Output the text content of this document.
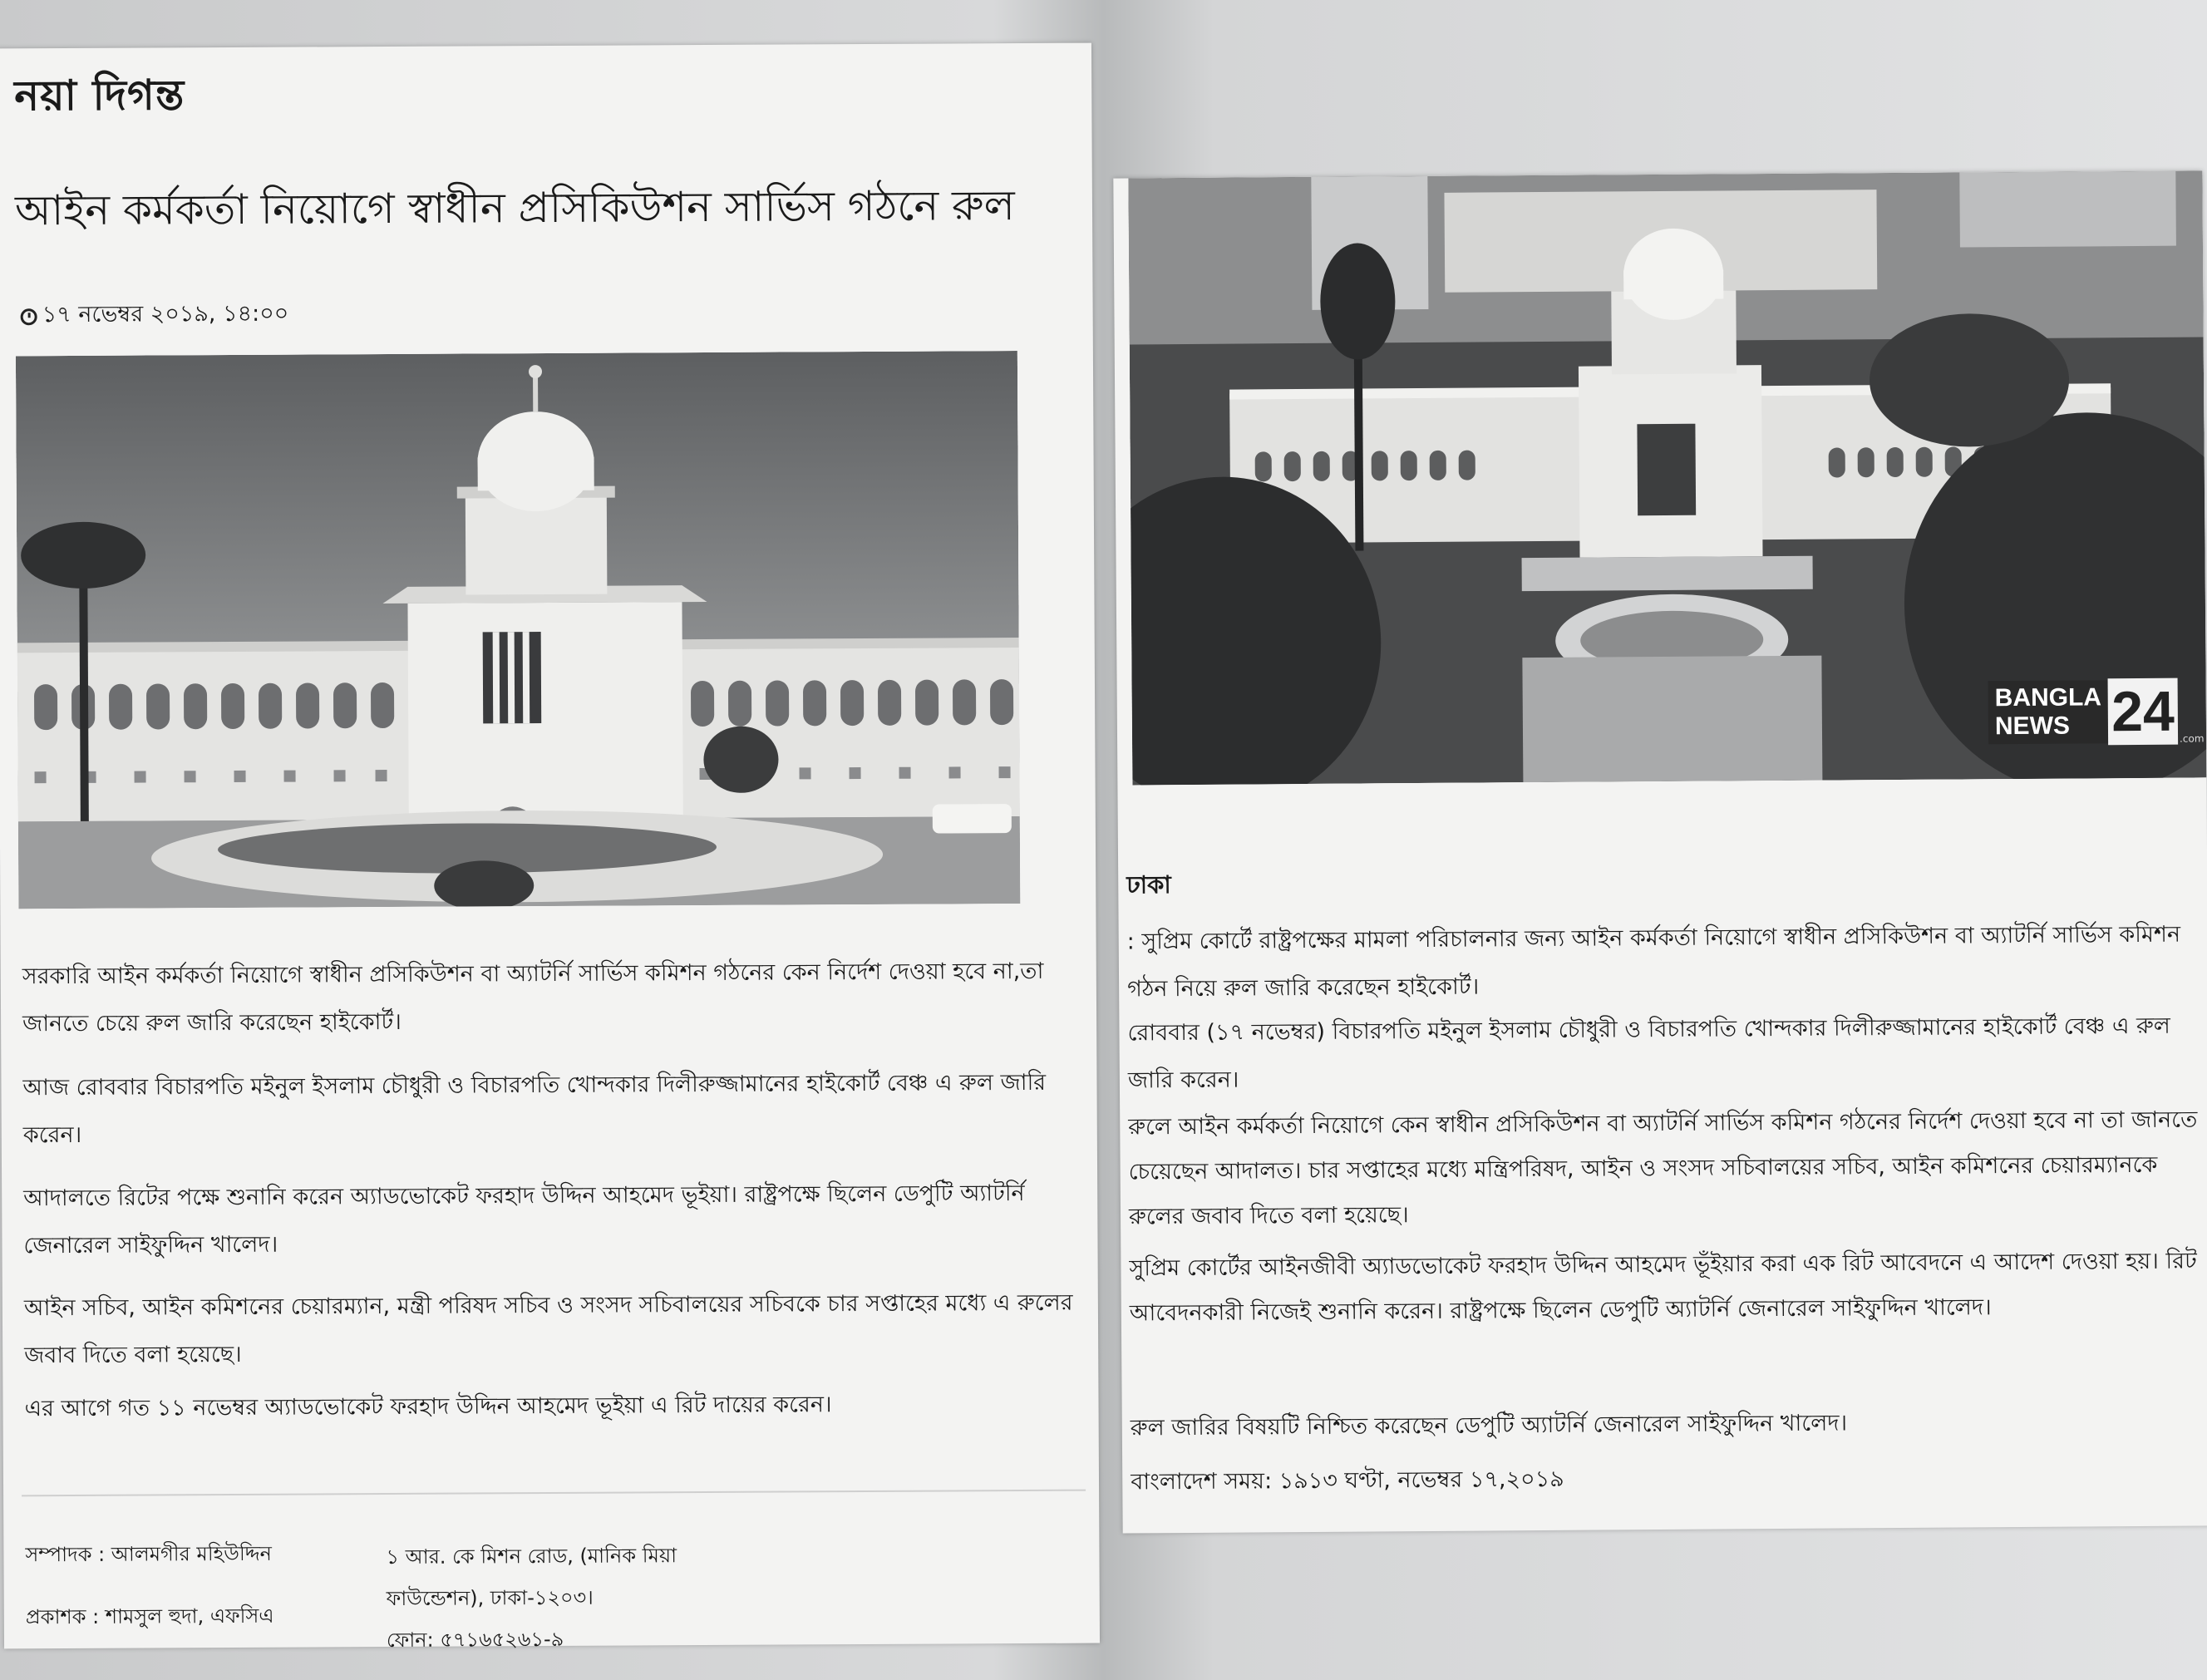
নয়া দিগন্ত
আইন কর্মকর্তা নিয়োগে স্বাধীন প্রসিকিউশন সার্ভিস গঠনে রুল
১৭ নভেম্বর ২০১৯, ১৪:০০
সরকারি আইন কর্মকর্তা নিয়োগে স্বাধীন প্রসিকিউশন বা অ্যাটর্নি সার্ভিস কমিশন গঠনের কেন নির্দেশ দেওয়া হবে না,তা জানতে চেয়ে রুল জারি করেছেন হাইকোর্ট।
আজ রোববার বিচারপতি মইনুল ইসলাম চৌধুরী ও বিচারপতি খোন্দকার দিলীরুজ্জামানের হাইকোর্ট বেঞ্চ এ রুল জারি করেন।
আদালতে রিটের পক্ষে শুনানি করেন অ্যাডভোকেট ফরহাদ উদ্দিন আহমেদ ভূইয়া। রাষ্ট্রপক্ষে ছিলেন ডেপুটি অ্যাটর্নি জেনারেল সাইফুদ্দিন খালেদ।
আইন সচিব, আইন কমিশনের চেয়ারম্যান, মন্ত্রী পরিষদ সচিব ও সংসদ সচিবালয়ের সচিবকে চার সপ্তাহের মধ্যে এ রুলের জবাব দিতে বলা হয়েছে।
এর আগে গত ১১ নভেম্বর অ্যাডভোকেট ফরহাদ উদ্দিন আহমেদ ভূইয়া এ রিট দায়ের করেন।
সম্পাদক : আলমগীর মহিউদ্দিন
প্রকাশক : শামসুল হুদা, এফসিএ
১ আর. কে মিশন রোড, (মানিক মিয়া
ফাউন্ডেশন), ঢাকা-১২০৩।
ফোন: ৫৭১৬৫২৬১-৯
BANGLA
NEWS 24 .com
ঢাকা
: সুপ্রিম কোর্টে রাষ্ট্রপক্ষের মামলা পরিচালনার জন্য আইন কর্মকর্তা নিয়োগে স্বাধীন প্রসিকিউশন বা অ্যাটর্নি সার্ভিস কমিশন গঠন নিয়ে রুল জারি করেছেন হাইকোর্ট।
রোববার (১৭ নভেম্বর) বিচারপতি মইনুল ইসলাম চৌধুরী ও বিচারপতি খোন্দকার দিলীরুজ্জামানের হাইকোর্ট বেঞ্চ এ রুল জারি করেন।
রুলে আইন কর্মকর্তা নিয়োগে কেন স্বাধীন প্রসিকিউশন বা অ্যাটর্নি সার্ভিস কমিশন গঠনের নির্দেশ দেওয়া হবে না তা জানতে চেয়েছেন আদালত। চার সপ্তাহের মধ্যে মন্ত্রিপরিষদ, আইন ও সংসদ সচিবালয়ের সচিব, আইন কমিশনের চেয়ারম্যানকে রুলের জবাব দিতে বলা হয়েছে।
সুপ্রিম কোর্টের আইনজীবী অ্যাডভোকেট ফরহাদ উদ্দিন আহমেদ ভূঁইয়ার করা এক রিট আবেদনে এ আদেশ দেওয়া হয়। রিট আবেদনকারী নিজেই শুনানি করেন। রাষ্ট্রপক্ষে ছিলেন ডেপুটি অ্যাটর্নি জেনারেল সাইফুদ্দিন খালেদ।
রুল জারির বিষয়টি নিশ্চিত করেছেন ডেপুটি অ্যাটর্নি জেনারেল সাইফুদ্দিন খালেদ।
বাংলাদেশ সময়: ১৯১৩ ঘণ্টা, নভেম্বর ১৭,২০১৯
